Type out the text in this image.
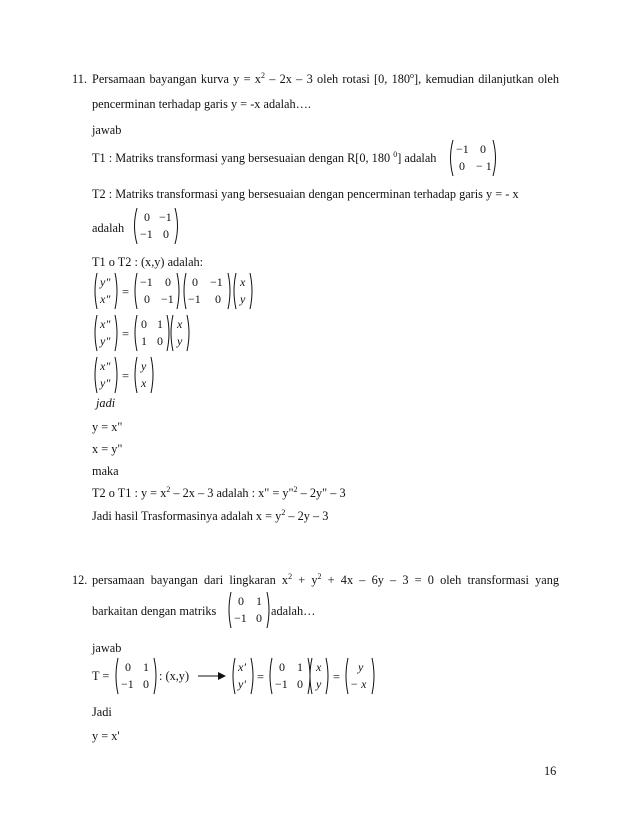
11. Persamaan bayangan kurva $y = x^2 - 2x - 3$ oleh rotasi [0, 180$^o$], kemudian dilanjutkan oleh
pencerminan terhadap garis y = -x adalah….
jawab
T1 : Matriks transformasi yang bersesuaian dengan R[0, 180 $^0$] adalah
−1 0
0 − 1
T2 : Matriks transformasi yang bersesuaian dengan pencerminan terhadap garis y = - x
adalah
0 −1
−1 0
T1 o T2 : (x,y) adalah:
y"
x" =
−1 0
0 −1
0 −1
−1 0
x
y
x"
y" =
0 1
1 0
x
y
x"
y" =
y
x
jadi
y = x"
x = y"
maka
T2 o T1 : $y = x^2 - 2x - 3$ adalah : x" = y"$^2$ – 2y" – 3
Jadi hasil Trasformasinya adalah $x = y^2 - 2y - 3$
12. persamaan bayangan dari lingkaran $x^2 + y^2 + 4x - 6y - 3 = 0$ oleh transformasi yang
barkaitan dengan matriks
0 1
−1 0 adalah…
jawab
T =
0 1
−1 0
: (x,y)
x'
y' =
0 1
−1 0
x
y =
y
− x
Jadi
y = x'
16
